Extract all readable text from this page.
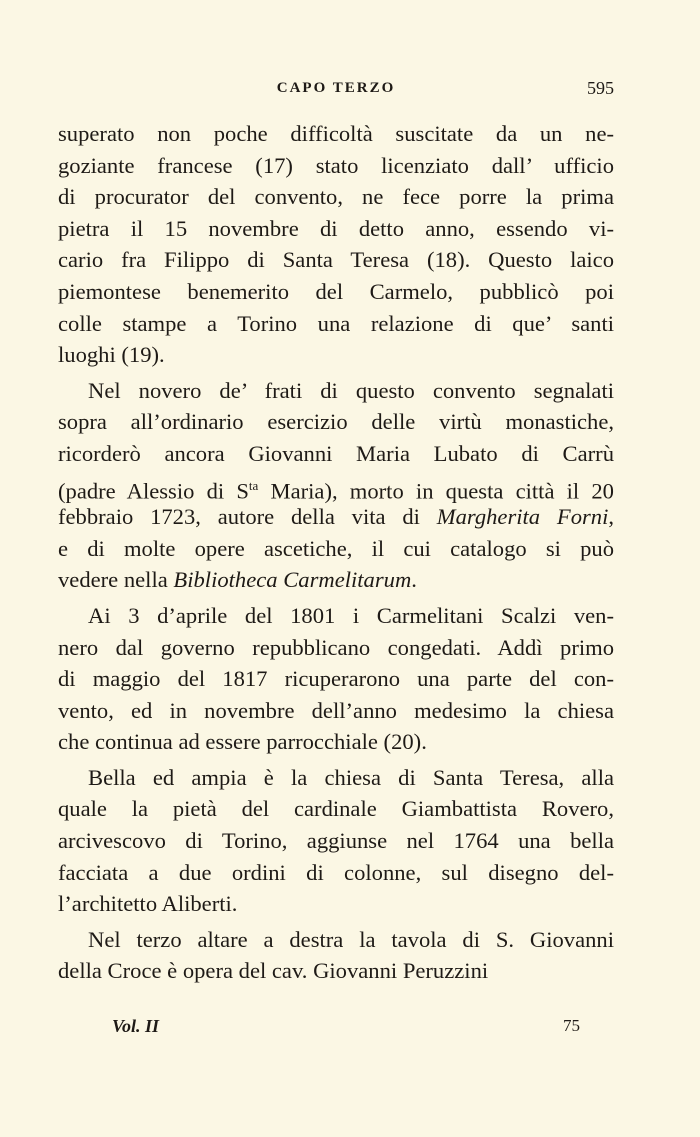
CAPO TERZO	595
superato non poche difficoltà suscitate da un ne-
goziante francese (17) stato licenziato dall’ ufficio
di procurator del convento, ne fece porre la prima
pietra il 15 novembre di detto anno, essendo vi-
cario fra Filippo di Santa Teresa (18). Questo laico
piemontese benemerito del Carmelo, pubblicò poi
colle stampe a Torino una relazione di que’ santi
luoghi (19).
Nel novero de’ frati di questo convento segnalati
sopra all’ordinario esercizio delle virtù monastiche,
ricorderò ancora Giovanni Maria Lubato di Carrù
(padre Alessio di $S^{ta}$ Maria), morto in questa città il 20
febbraio 1723, autore della vita di Margherita Forni,
e di molte opere ascetiche, il cui catalogo si può
vedere nella Bibliotheca Carmelitarum.
Ai 3 d’aprile del 1801 i Carmelitani Scalzi ven-
nero dal governo repubblicano congedati. Addì primo
di maggio del 1817 ricuperarono una parte del con-
vento, ed in novembre dell’anno medesimo la chiesa
che continua ad essere parrocchiale (20).
Bella ed ampia è la chiesa di Santa Teresa, alla
quale la pietà del cardinale Giambattista Rovero,
arcivescovo di Torino, aggiunse nel 1764 una bella
facciata a due ordini di colonne, sul disegno del-
l’architetto Aliberti.
Nel terzo altare a destra la tavola di S. Giovanni
della Croce è opera del cav. Giovanni Peruzzini
Vol. II	75
